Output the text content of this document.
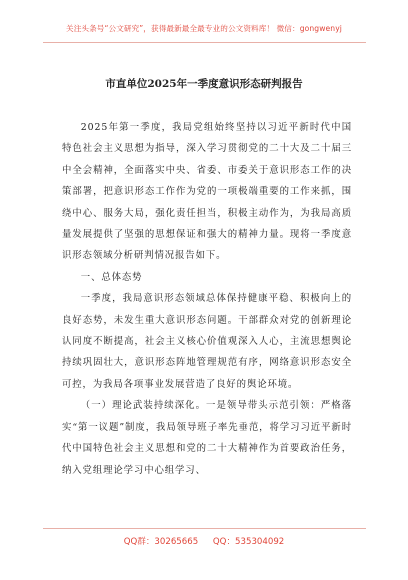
关注头条号“公文研究”，获得最新最全最专业的公文资料库！ 微信：gongwenyj
市直单位2025年一季度意识形态研判报告

2025年第一季度，我局党组始终坚持以习近平新时代中国特色社会主义思想为指导，深入学习贯彻党的二十大及二十届三中全会精神，全面落实中央、省委、市委关于意识形态工作的决策部署，把意识形态工作作为党的一项极端重要的工作来抓，围绕中心、服务大局，强化责任担当，积极主动作为，为我局高质量发展提供了坚强的思想保证和强大的精神力量。现将一季度意识形态领域分析研判情况报告如下。

一、总体态势

一季度，我局意识形态领域总体保持健康平稳、积极向上的良好态势，未发生重大意识形态问题。干部群众对党的创新理论认同度不断提高，社会主义核心价值观深入人心，主流思想舆论持续巩固壮大，意识形态阵地管理规范有序，网络意识形态安全可控，为我局各项事业发展营造了良好的舆论环境。

（一）理论武装持续深化。一是领导带头示范引领：严格落实“第一议题”制度，我局领导班子率先垂范，将学习习近平新时代中国特色社会主义思想和党的二十大精神作为首要政治任务，纳入党组理论学习中心组学习、

QQ群：30265665 QQ：535304092
